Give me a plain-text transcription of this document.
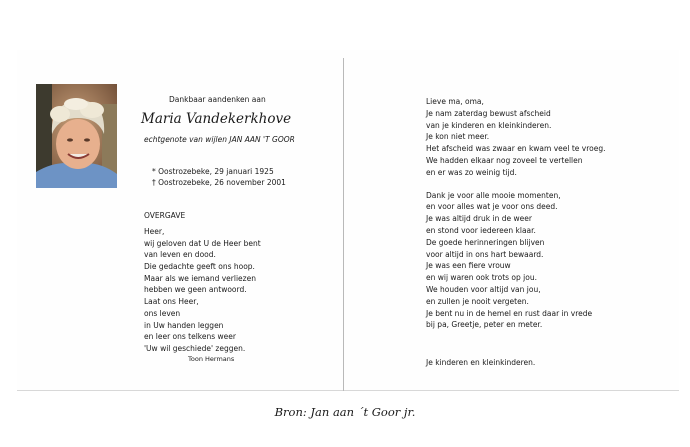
Dankbaar aandenken aan
Maria Vandekerkhove
echtgenote van wijlen JAN AAN 'T GOOR
* Oostrozebeke, 29 januari 1925
† Oostrozebeke, 26 november 2001
OVERGAVE
Heer,
wij geloven dat U de Heer bent
van leven en dood.
Die gedachte geeft ons hoop.
Maar als we iemand verliezen
hebben we geen antwoord.
Laat ons Heer,
ons leven
in Uw handen leggen
en leer ons telkens weer
'Uw wil geschiede' zeggen.
Toon Hermans
Lieve ma, oma,
Je nam zaterdag bewust afscheid
van je kinderen en kleinkinderen.
Je kon niet meer.
Het afscheid was zwaar en kwam veel te vroeg.
We hadden elkaar nog zoveel te vertellen
en er was zo weinig tijd.
Dank je voor alle mooie momenten,
en voor alles wat je voor ons deed.
Je was altijd druk in de weer
en stond voor iedereen klaar.
De goede herinneringen blijven
voor altijd in ons hart bewaard.
Je was een fiere vrouw
en wij waren ook trots op jou.
We houden voor altijd van jou,
en zullen je nooit vergeten.
Je bent nu in de hemel en rust daar in vrede
bij pa, Greetje, peter en meter.
Je kinderen en kleinkinderen.
Bron: Jan aan ´t Goor jr.
